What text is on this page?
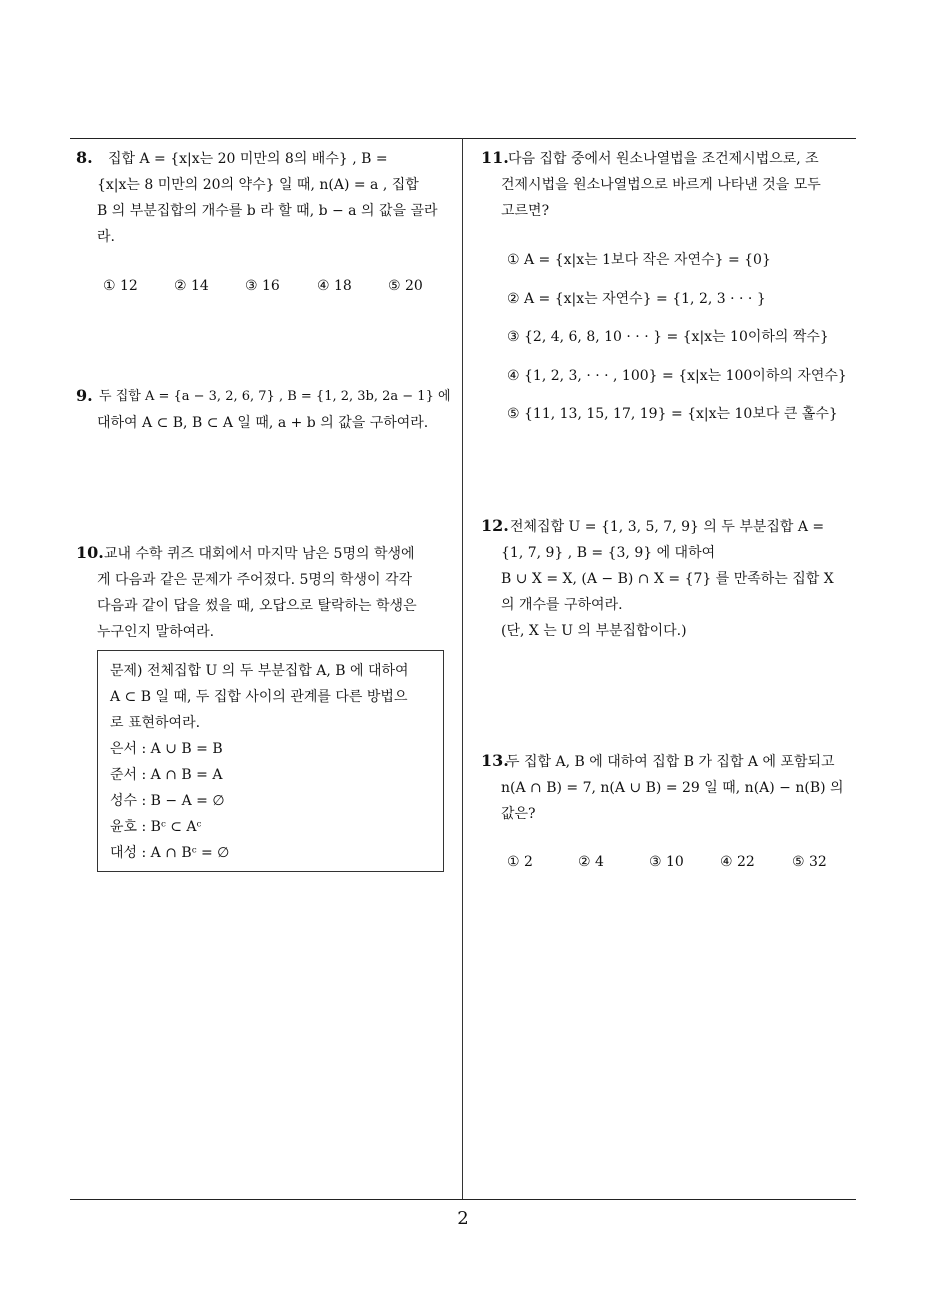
8. 집합 A = {x|x는 20 미만의 8의 배수} , B =
{x|x는 8 미만의 20의 약수} 일 때, n(A) = a , 집합
B 의 부분집합의 개수를 b 라 할 때, b − a 의 값을 골라
라.
① 12	② 14	③ 16	④ 18	⑤ 20
9. 두 집합 A = {a − 3, 2, 6, 7} , B = {1, 2, 3b, 2a − 1} 에
대하여 A ⊂ B, B ⊂ A 일 때, a + b 의 값을 구하여라.
10. 교내 수학 퀴즈 대회에서 마지막 남은 5명의 학생에
게 다음과 같은 문제가 주어졌다. 5명의 학생이 각각
다음과 같이 답을 썼을 때, 오답으로 탈락하는 학생은
누구인지 말하여라.
문제) 전체집합 U 의 두 부분집합 A, B 에 대하여
A ⊂ B 일 때, 두 집합 사이의 관계를 다른 방법으
로 표현하여라.
은서 : A ∪ B = B
준서 : A ∩ B = A
성수 : B − A = ∅
윤호 : Bᶜ ⊂ Aᶜ
대성 : A ∩ Bᶜ = ∅
11. 다음 집합 중에서 원소나열법을 조건제시법으로, 조
건제시법을 원소나열법으로 바르게 나타낸 것을 모두
고르면?
① A = {x|x는 1보다 작은 자연수} = {0}
② A = {x|x는 자연수} = {1, 2, 3 · · · }
③ {2, 4, 6, 8, 10 · · · } = {x|x는 10이하의 짝수}
④ {1, 2, 3, · · · , 100} = {x|x는 100이하의 자연수}
⑤ {11, 13, 15, 17, 19} = {x|x는 10보다 큰 홀수}
12. 전체집합 U = {1, 3, 5, 7, 9} 의 두 부분집합 A =
{1, 7, 9} , B = {3, 9} 에 대하여
B ∪ X = X, (A − B) ∩ X = {7} 를 만족하는 집합 X
의 개수를 구하여라.
(단, X 는 U 의 부분집합이다.)
13.
두 집합 A, B 에 대하여 집합 B 가 집합 A 에 포함되고
n(A ∩ B) = 7, n(A ∪ B) = 29 일 때, n(A) − n(B) 의
값은?
① 2	② 4	③ 10	④ 22	⑤ 32
2
